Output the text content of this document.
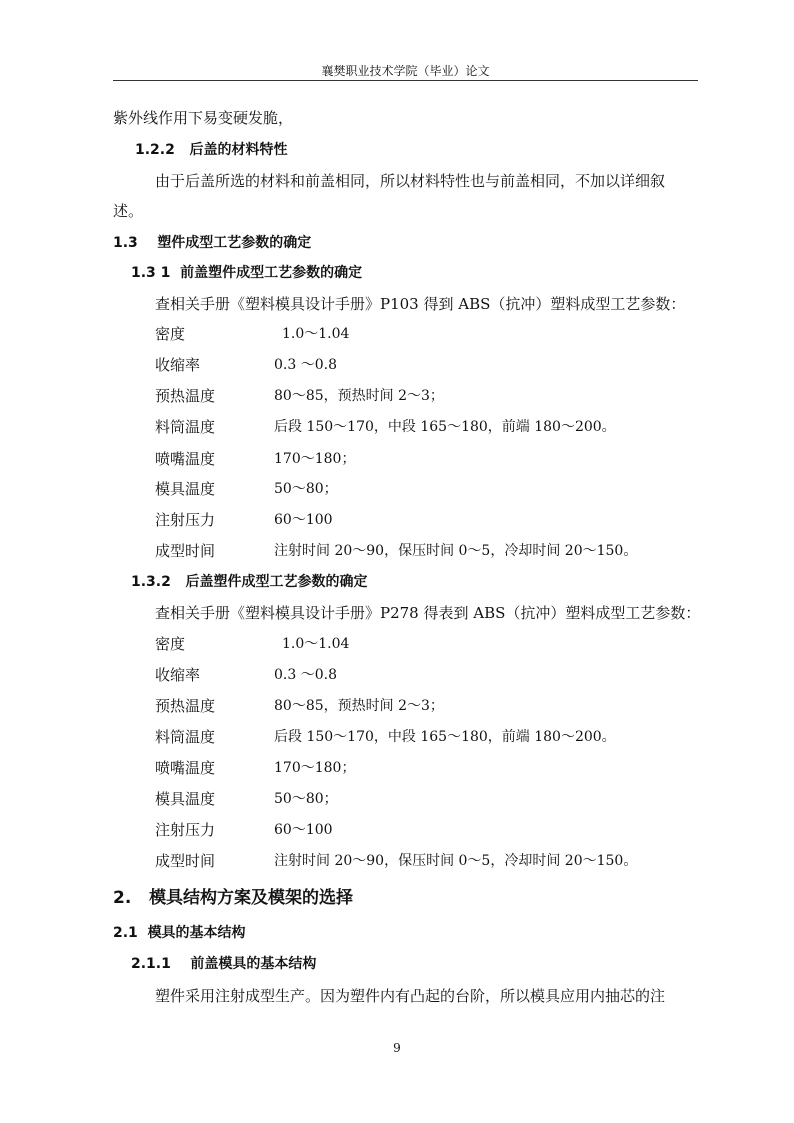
襄樊职业技术学院（毕业）论文
紫外线作用下易变硬发脆，
1.2.2 后盖的材料特性
由于后盖所选的材料和前盖相同，所以材料特性也与前盖相同，不加以详细叙
述。
1.3 塑件成型工艺参数的确定
1.3 1 前盖塑件成型工艺参数的确定
查相关手册《塑料模具设计手册》P103 得到 ABS（抗冲）塑料成型工艺参数：
密度	1.0～1.04
收缩率	0.3 ～0.8
预热温度	80～85，预热时间 2～3；
料筒温度	后段 150～170，中段 165～180，前端 180～200。
喷嘴温度	170～180；
模具温度	50～80；
注射压力	60～100
成型时间	注射时间 20～90，保压时间 0～5，冷却时间 20～150。
1.3.2 后盖塑件成型工艺参数的确定
查相关手册《塑料模具设计手册》P278 得表到 ABS（抗冲）塑料成型工艺参数：
密度	1.0～1.04
收缩率	0.3 ～0.8
预热温度	80～85，预热时间 2～3；
料筒温度	后段 150～170，中段 165～180，前端 180～200。
喷嘴温度	170～180；
模具温度	50～80；
注射压力	60～100
成型时间	注射时间 20～90，保压时间 0～5，冷却时间 20～150。
2. 模具结构方案及模架的选择
2.1 模具的基本结构
2.1.1 前盖模具的基本结构
塑件采用注射成型生产。因为塑件内有凸起的台阶，所以模具应用内抽芯的注
9
